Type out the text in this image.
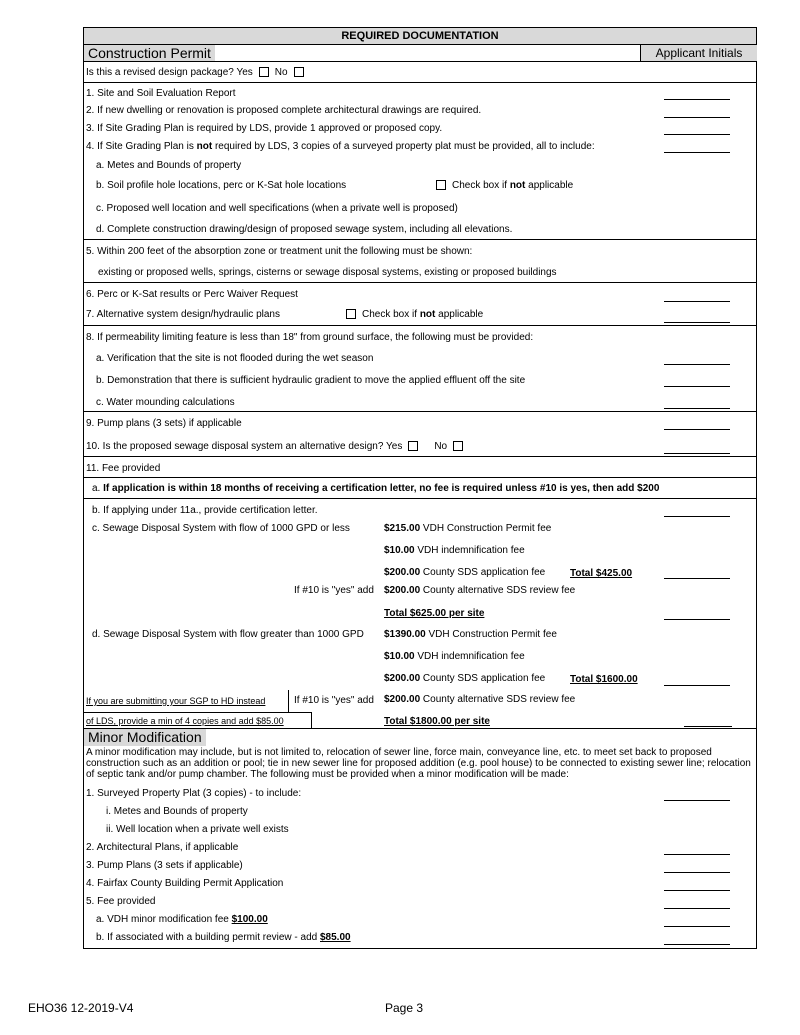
REQUIRED DOCUMENTATION
Construction Permit	Applicant Initials
Is this a revised design package? Yes No
1. Site and Soil Evaluation Report
2. If new dwelling or renovation is proposed complete architectural drawings are required.
3. If Site Grading Plan is required by LDS, provide 1 approved or proposed copy.
4. If Site Grading Plan is not required by LDS, 3 copies of a surveyed property plat must be provided, all to include:
a. Metes and Bounds of property
b. Soil profile hole locations, perc or K-Sat hole locations	Check box if not applicable
c. Proposed well location and well specifications (when a private well is proposed)
d. Complete construction drawing/design of proposed sewage system, including all elevations.
5. Within 200 feet of the absorption zone or treatment unit the following must be shown:
existing or proposed wells, springs, cisterns or sewage disposal systems, existing or proposed buildings
6. Perc or K-Sat results or Perc Waiver Request
7. Alternative system design/hydraulic plans	Check box if not applicable
8. If permeability limiting feature is less than 18" from ground surface, the following must be provided:
a. Verification that the site is not flooded during the wet season
b. Demonstration that there is sufficient hydraulic gradient to move the applied effluent off the site
c. Water mounding calculations
9. Pump plans (3 sets) if applicable
10. Is the proposed sewage disposal system an alternative design? Yes	No
11. Fee provided
a. If application is within 18 months of receiving a certification letter, no fee is required unless #10 is yes, then add $200
b. If applying under 11a., provide certification letter.
c. Sewage Disposal System with flow of 1000 GPD or less	$215.00 VDH Construction Permit fee
$10.00 VDH indemnification fee
$200.00 County SDS application fee Total $425.00
If #10 is "yes" add $200.00 County alternative SDS review fee
Total $625.00 per site
d. Sewage Disposal System with flow greater than 1000 GPD $1390.00 VDH Construction Permit fee
$10.00 VDH indemnification fee
$200.00 County SDS application fee Total $1600.00
If you are submitting your SGP to HD instead	If #10 is "yes" add $200.00 County alternative SDS review fee
of LDS, provide a min of 4 copies and add $85.00	Total $1800.00 per site
Minor Modification
A minor modification may include, but is not limited to, relocation of sewer line, force main, conveyance line, etc. to meet set back to proposed construction such as an addition or pool; tie in new sewer line for proposed addition (e.g. pool house) to be connected to existing sewer line; relocation of septic tank and/or pump chamber. The following must be provided when a minor modification will be made:
1. Surveyed Property Plat (3 copies) - to include:
i. Metes and Bounds of property
ii. Well location when a private well exists
2. Architectural Plans, if applicable
3. Pump Plans (3 sets if applicable)
4. Fairfax County Building Permit Application
5. Fee provided
a. VDH minor modification fee $100.00
b. If associated with a building permit review - add $85.00
EHO36 12-2019-V4	Page 3
